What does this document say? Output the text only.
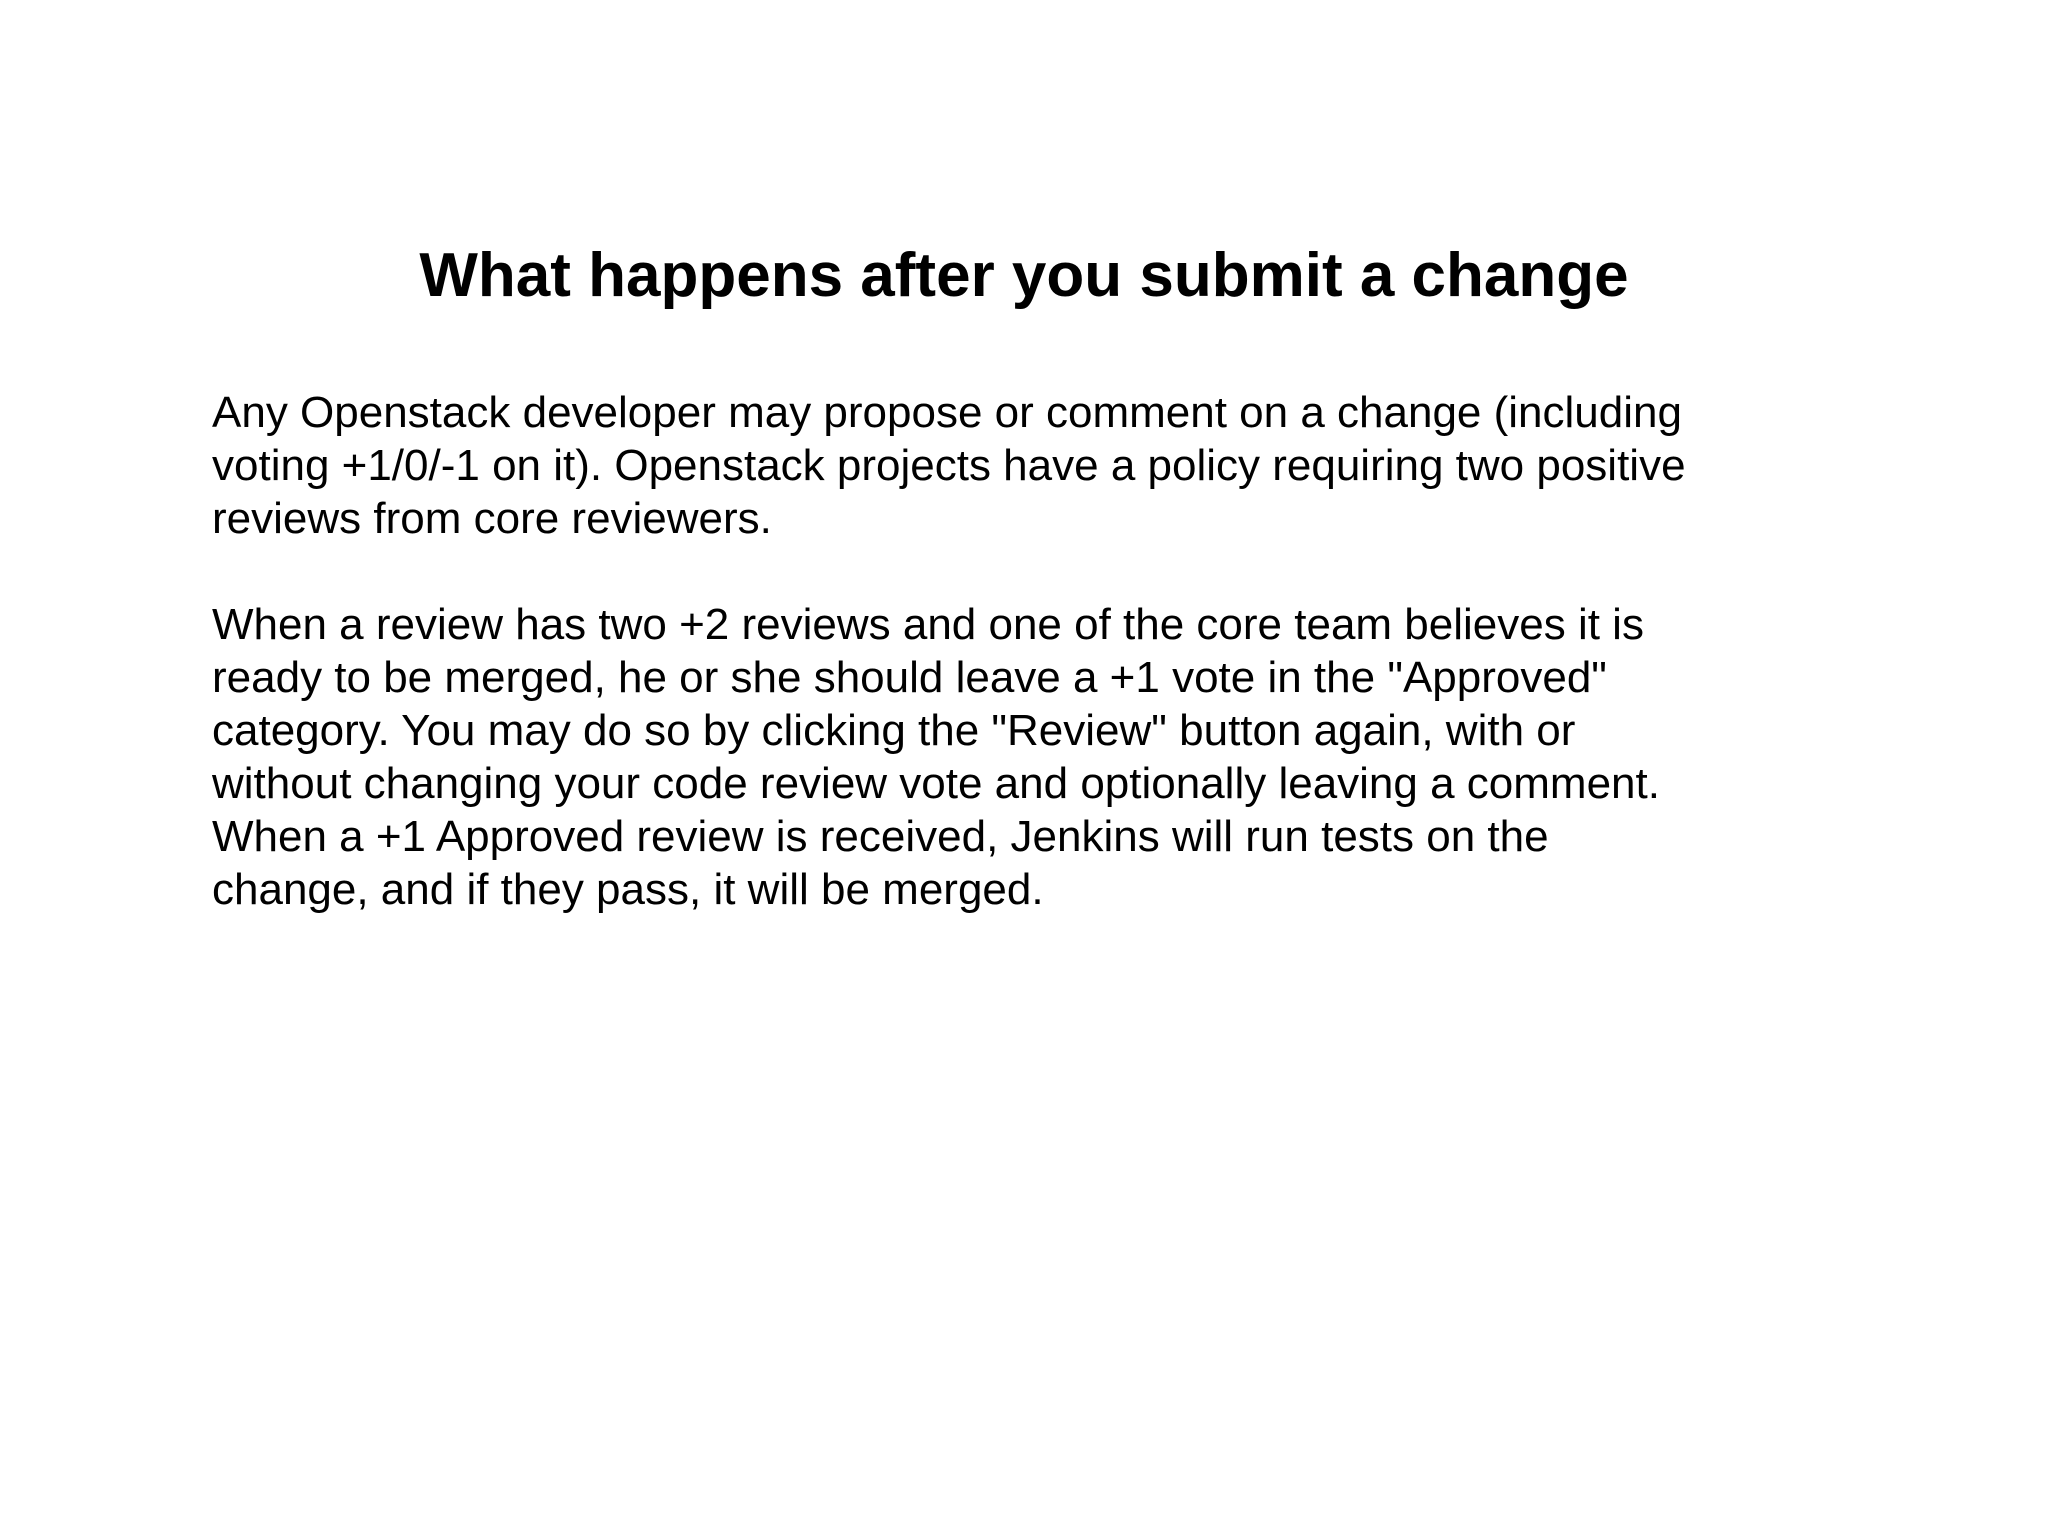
What happens after you submit a change

Any Openstack developer may propose or comment on a change (including
voting +1/0/-1 on it). Openstack projects have a policy requiring two positive
reviews from core reviewers.

When a review has two +2 reviews and one of the core team believes it is
ready to be merged, he or she should leave a +1 vote in the "Approved"
category. You may do so by clicking the "Review" button again, with or
without changing your code review vote and optionally leaving a comment.
When a +1 Approved review is received, Jenkins will run tests on the
change, and if they pass, it will be merged.
